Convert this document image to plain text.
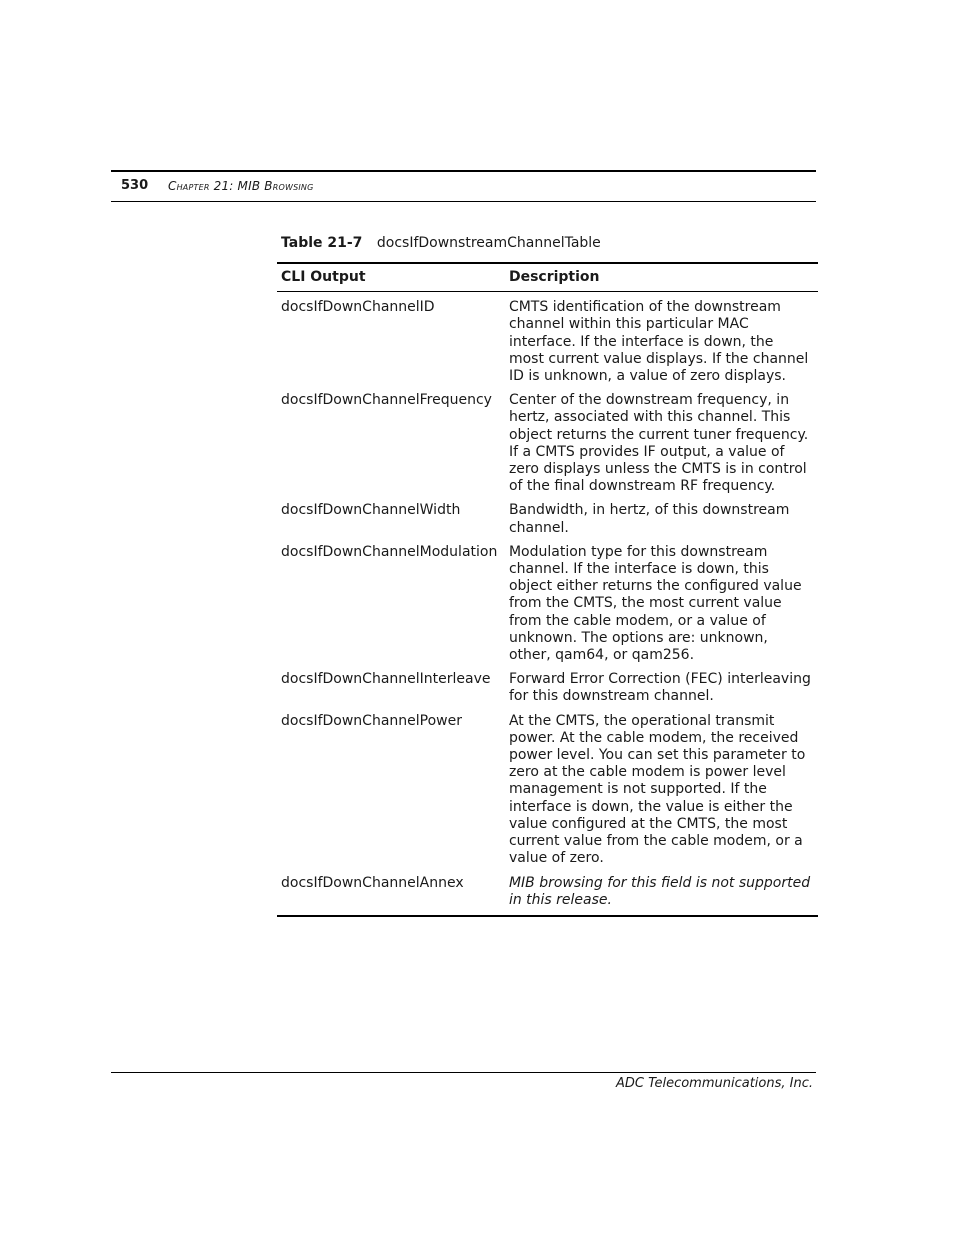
530 Chapter 21: MIB Browsing
Table 21-7 docsIfDownstreamChannelTable
CLI Output	Description
docsIfDownChannelID	CMTS identification of the downstream channel within this particular MAC interface. If the interface is down, the most current value displays. If the channel ID is unknown, a value of zero displays.
docsIfDownChannelFrequency	Center of the downstream frequency, in hertz, associated with this channel. This object returns the current tuner frequency. If a CMTS provides IF output, a value of zero displays unless the CMTS is in control of the final downstream RF frequency.
docsIfDownChannelWidth	Bandwidth, in hertz, of this downstream channel.
docsIfDownChannelModulation	Modulation type for this downstream channel. If the interface is down, this object either returns the configured value from the CMTS, the most current value from the cable modem, or a value of unknown. The options are: unknown, other, qam64, or qam256.
docsIfDownChannelInterleave	Forward Error Correction (FEC) interleaving for this downstream channel.
docsIfDownChannelPower	At the CMTS, the operational transmit power. At the cable modem, the received power level. You can set this parameter to zero at the cable modem is power level management is not supported. If the interface is down, the value is either the value configured at the CMTS, the most current value from the cable modem, or a value of zero.
docsIfDownChannelAnnex	MIB browsing for this field is not supported in this release.
ADC Telecommunications, Inc.
